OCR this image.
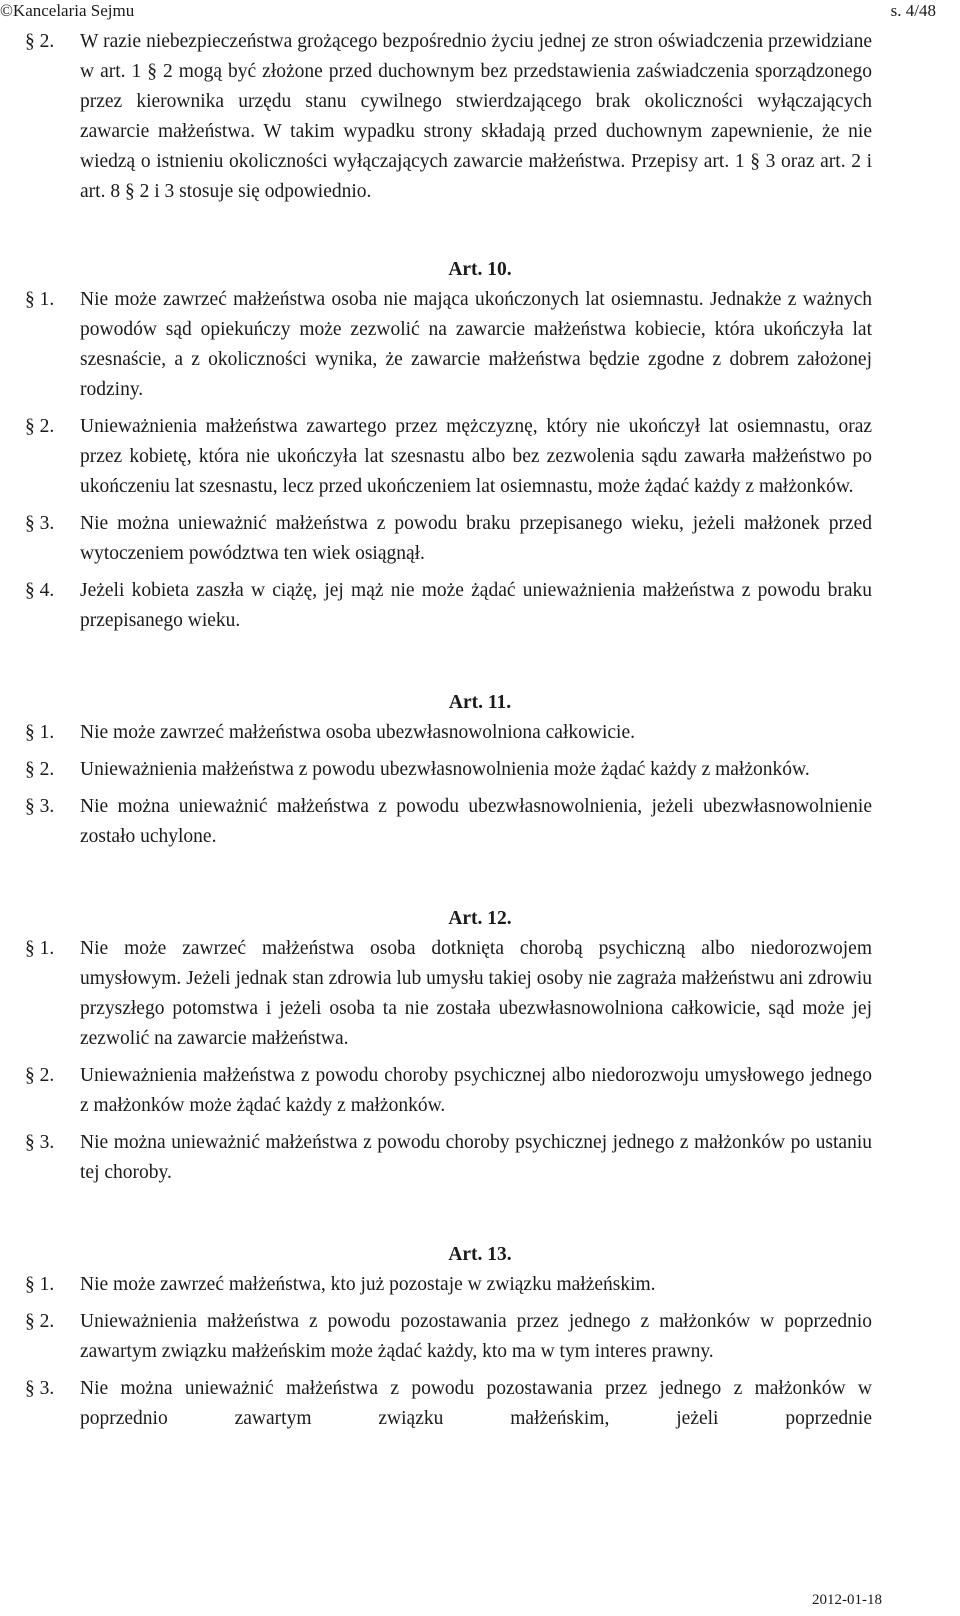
©Kancelaria Sejmu	s. 4/48
§ 2. W razie niebezpieczeństwa grożącego bezpośrednio życiu jednej ze stron oświadczenia przewidziane w art. 1 § 2 mogą być złożone przed duchownym bez przedstawienia zaświadczenia sporządzonego przez kierownika urzędu stanu cywilnego stwierdzającego brak okoliczności wyłączających zawarcie małżeństwa. W takim wypadku strony składają przed duchownym zapewnienie, że nie wiedzą o istnieniu okoliczności wyłączających zawarcie małżeństwa. Przepisy art. 1 § 3 oraz art. 2 i art. 8 § 2 i 3 stosuje się odpowiednio.

Art. 10.

§ 1. Nie może zawrzeć małżeństwa osoba nie mająca ukończonych lat osiemnastu. Jednakże z ważnych powodów sąd opiekuńczy może zezwolić na zawarcie małżeństwa kobiecie, która ukończyła lat szesnaście, a z okoliczności wynika, że zawarcie małżeństwa będzie zgodne z dobrem założonej rodziny.
§ 2. Unieważnienia małżeństwa zawartego przez mężczyznę, który nie ukończył lat osiemnastu, oraz przez kobietę, która nie ukończyła lat szesnastu albo bez zezwolenia sądu zawarła małżeństwo po ukończeniu lat szesnastu, lecz przed ukończeniem lat osiemnastu, może żądać każdy z małżonków.
§ 3. Nie można unieważnić małżeństwa z powodu braku przepisanego wieku, jeżeli małżonek przed wytoczeniem powództwa ten wiek osiągnął.
§ 4. Jeżeli kobieta zaszła w ciążę, jej mąż nie może żądać unieważnienia małżeństwa z powodu braku przepisanego wieku.

Art. 11.

§ 1. Nie może zawrzeć małżeństwa osoba ubezwłasnowolniona całkowicie.
§ 2. Unieważnienia małżeństwa z powodu ubezwłasnowolnienia może żądać każdy z małżonków.
§ 3. Nie można unieważnić małżeństwa z powodu ubezwłasnowolnienia, jeżeli ubezwłasnowolnienie zostało uchylone.

Art. 12.

§ 1. Nie może zawrzeć małżeństwa osoba dotknięta chorobą psychiczną albo niedorozwojem umysłowym. Jeżeli jednak stan zdrowia lub umysłu takiej osoby nie zagraża małżeństwu ani zdrowiu przyszłego potomstwa i jeżeli osoba ta nie została ubezwłasnowolniona całkowicie, sąd może jej zezwolić na zawarcie małżeństwa.
§ 2. Unieważnienia małżeństwa z powodu choroby psychicznej albo niedorozwoju umysłowego jednego z małżonków może żądać każdy z małżonków.
§ 3. Nie można unieważnić małżeństwa z powodu choroby psychicznej jednego z małżonków po ustaniu tej choroby.

Art. 13.

§ 1. Nie może zawrzeć małżeństwa, kto już pozostaje w związku małżeńskim.
§ 2. Unieważnienia małżeństwa z powodu pozostawania przez jednego z małżonków w poprzednio zawartym związku małżeńskim może żądać każdy, kto ma w tym interes prawny.
§ 3. Nie można unieważnić małżeństwa z powodu pozostawania przez jednego z małżonków w poprzednio zawartym związku małżeńskim, jeżeli poprzednie
2012-01-18
